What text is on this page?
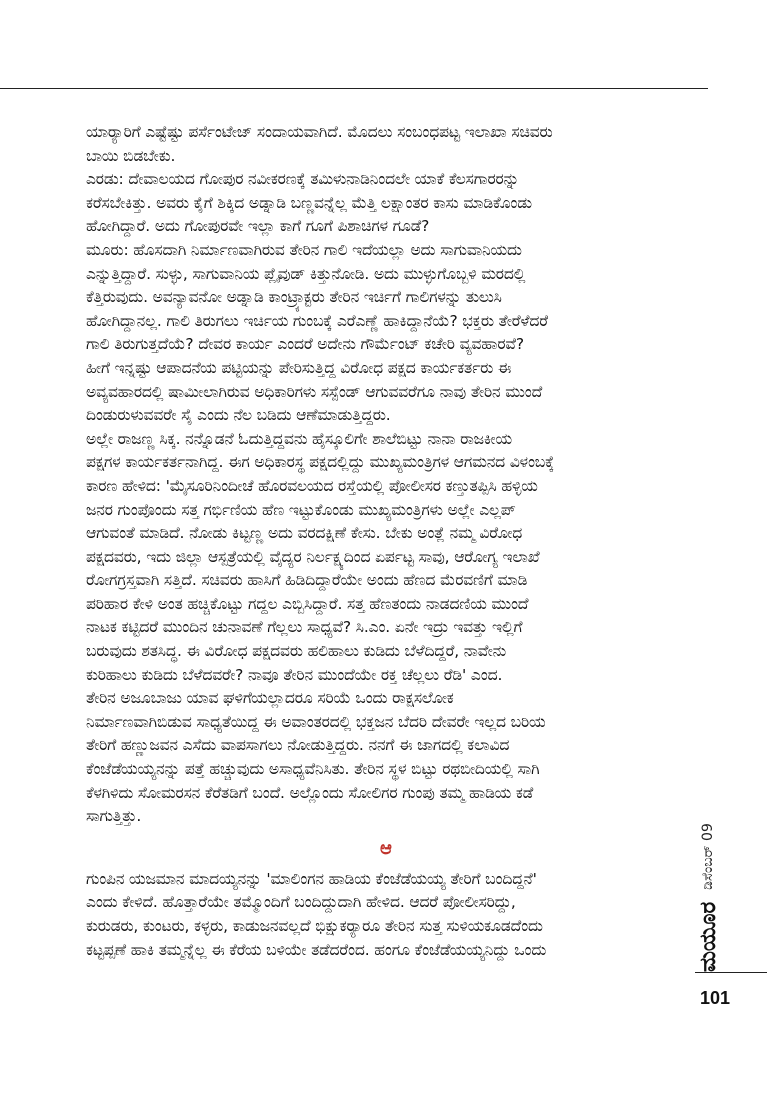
ಯಾರ್‍ಯಾರಿಗೆ ಎಷ್ಟೆಷ್ಟು ಪರ್ಸೆಂಟೇಜ್ ಸಂದಾಯವಾಗಿದೆ. ಮೊದಲು ಸಂಬಂಧಪಟ್ಟ ಇಲಾಖಾ ಸಚಿವರು
ಬಾಯಿ ಬಿಡಬೇಕು.

ಎರಡು: ದೇವಾಲಯದ ಗೋಪುರ ನವೀಕರಣಕ್ಕೆ ತಮಿಳುನಾಡಿನಿಂದಲೇ ಯಾಕೆ ಕೆಲಸಗಾರರನ್ನು
ಕರೆಸಬೇಕಿತ್ತು. ಅವರು ಕೈಗೆ ಶಿಕ್ಕಿದ ಅಡ್ನಾಡಿ ಬಣ್ಣವನ್ನೆಲ್ಲ ಮೆತ್ತಿ ಲಕ್ಷಾಂತರ ಕಾಸು ಮಾಡಿಕೊಂಡು
ಹೋಗಿದ್ದಾರೆ. ಅದು ಗೋಪುರವೇ ಇಲ್ಲಾ ಕಾಗೆ ಗೂಗೆ ಪಿಶಾಚಿಗಳ ಗೂಡೆ?

ಮೂರು: ಹೊಸದಾಗಿ ನಿರ್ಮಾಣವಾಗಿರುವ ತೇರಿನ ಗಾಲಿ ಇದೆಯಲ್ಲಾ ಅದು ಸಾಗುವಾನಿಯದು
ಎನ್ನುತ್ತಿದ್ದಾರೆ. ಸುಳ್ಳು, ಸಾಗುವಾನಿಯ ಪ್ಲೈವುಡ್ ಕಿತ್ತುನೋಡಿ. ಅದು ಮುಳ್ಳುಗೊಬ್ಬಳಿ ಮರದಲ್ಲಿ
ಕೆತ್ತಿರುವುದು. ಅವನ್ಯಾವನೋ ಅಡ್ನಾಡಿ ಕಾಂಟ್ರ್ಯಾಕ್ಟರು ತೇರಿನ ಇರ್ಚಿಗೆ ಗಾಲಿಗಳನ್ನು ತುಲುಸಿ
ಹೋಗಿದ್ದಾನಲ್ಲ. ಗಾಲಿ ತಿರುಗಲು ಇರ್ಚಿಯ ಗುಂಬಕ್ಕೆ ಎರೆಎಣ್ಣೆ ಹಾಕಿದ್ದಾನೆಯೆ? ಭಕ್ತರು ತೇರೆಳೆದರೆ
ಗಾಲಿ ತಿರುಗುತ್ತದೆಯೆ? ದೇವರ ಕಾರ್ಯ ಎಂದರೆ ಅದೇನು ಗೌರ್ಮೆಂಟ್ ಕಚೇರಿ ವ್ಯವಹಾರವೆ?

ಹೀಗೆ ಇನ್ನಷ್ಟು ಆಪಾದನೆಯ ಪಟ್ಟಿಯನ್ನು ಪೇರಿಸುತ್ತಿದ್ದ ವಿರೋಧ ಪಕ್ಷದ ಕಾರ್ಯಕರ್ತರು ಈ
ಅವ್ಯವಹಾರದಲ್ಲಿ ಷಾಮೀಲಾಗಿರುವ ಅಧಿಕಾರಿಗಳು ಸಸ್ಪೆಂಡ್ ಆಗುವವರೆಗೂ ನಾವು ತೇರಿನ ಮುಂದೆ
ದಿಂಡುರುಳುವವರೇ ಸೈ ಎಂದು ನೆಲ ಬಡಿದು ಆಣೆಮಾಡುತ್ತಿದ್ದರು.

ಅಲ್ಲೇ ರಾಜಣ್ಣ ಸಿಕ್ಕ. ನನ್ನೊಡನೆ ಓದುತ್ತಿದ್ದವನು ಹೈಸ್ಕೂಲಿಗೇ ಶಾಲೆಬಿಟ್ಟು ನಾನಾ ರಾಜಕೀಯ
ಪಕ್ಷಗಳ ಕಾರ್ಯಕರ್ತನಾಗಿದ್ದ. ಈಗ ಅಧಿಕಾರಸ್ಥ ಪಕ್ಷದಲ್ಲಿದ್ದು ಮುಖ್ಯಮಂತ್ರಿಗಳ ಆಗಮನದ ವಿಳಂಬಕ್ಕೆ
ಕಾರಣ ಹೇಳಿದ: 'ಮೈಸೂರಿನಿಂದೀಚೆ ಹೊರವಲಯದ ರಸ್ತೆಯಲ್ಲಿ ಪೋಲೀಸರ ಕಣ್ತುತಪ್ಪಿಸಿ ಹಳ್ಳಿಯ
ಜನರ ಗುಂಪೊಂದು ಸತ್ತ ಗರ್ಭಿಣಿಯ ಹೆಣ ಇಟ್ಟುಕೊಂಡು ಮುಖ್ಯಮಂತ್ರಿಗಳು ಅಲ್ಲೇ ಎಲ್ಲಪ್
ಆಗುವಂತೆ ಮಾಡಿದೆ. ನೋಡು ಕಿಟ್ಟಣ್ಣ ಅದು ವರದಕ್ಷಿಣೆ ಕೇಸು. ಬೇಕು ಅಂತ್ಲೆ ನಮ್ಮ ವಿರೋಧ
ಪಕ್ಷದವರು, ಇದು ಜಿಲ್ಲಾ ಆಸ್ಪತ್ರೆಯಲ್ಲಿ ವೈದ್ಯರ ನಿರ್ಲಕ್ಷ್ಯದಿಂದ ಏರ್ಪಟ್ಟ ಸಾವು, ಆರೋಗ್ಯ ಇಲಾಖೆ
ರೋಗಗ್ರಸ್ತವಾಗಿ ಸತ್ತಿದೆ. ಸಚಿವರು ಹಾಸಿಗೆ ಹಿಡಿದಿದ್ದಾರೆಯೇ ಅಂದು ಹೆಣದ ಮೆರವಣಿಗೆ ಮಾಡಿ
ಪರಿಹಾರ ಕೇಳಿ ಅಂತ ಹಚ್ಚಿಕೊಟ್ಟು ಗದ್ದಲ ಎಬ್ಬಿಸಿದ್ದಾರೆ. ಸತ್ತ ಹೆಣತಂದು ನಾಡದಣಿಯ ಮುಂದೆ
ನಾಟಕ ಕಟ್ಟಿದರೆ ಮುಂದಿನ ಚುನಾವಣೆ ಗೆಲ್ಲಲು ಸಾಧ್ಯವೆ? ಸಿ.ಎಂ. ಏನೇ ಇದ್ರು ಇವತ್ತು ಇಲ್ಲಿಗೆ
ಬರುವುದು ಶತಸಿದ್ಧ. ಈ ವಿರೋಧ ಪಕ್ಷದವರು ಹಲಿಹಾಲು ಕುಡಿದು ಬೆಳೆದಿದ್ದರೆ, ನಾವೇನು
ಕುರಿಹಾಲು ಕುಡಿದು ಬೆಳೆದವರೇ? ನಾವೂ ತೇರಿನ ಮುಂದೆಯೇ ರಕ್ತ ಚೆಲ್ಲಲು ರೆಡಿ' ಎಂದ.

ತೇರಿನ ಅಜೂಬಾಜು ಯಾವ ಘಳಿಗೆಯಲ್ಲಾದರೂ ಸರಿಯೆ ಒಂದು ರಾಕ್ಷಸಲೋಕ
ನಿರ್ಮಾಣವಾಗಿಬಿಡುವ ಸಾಧ್ಯತೆಯಿದ್ದ ಈ ಅವಾಂತರದಲ್ಲಿ ಭಕ್ತಜನ ಬೆದರಿ ದೇವರೇ ಇಲ್ಲದ ಬರಿಯ
ತೇರಿಗೆ ಹಣ್ಣುಜವನ ಎಸೆದು ವಾಪಸಾಗಲು ನೋಡುತ್ತಿದ್ದರು. ನನಗೆ ಈ ಜಾಗದಲ್ಲಿ ಕಲಾವಿದ
ಕೆಂಜೆಡೆಯಯ್ಯನನ್ನು ಪತ್ತೆ ಹಚ್ಚುವುದು ಅಸಾಧ್ಯವೆನಿಸಿತು. ತೇರಿನ ಸ್ಥಳ ಬಿಟ್ಟು ರಥಬೀದಿಯಲ್ಲಿ ಸಾಗಿ
ಕೆಳಗಿಳಿದು ಸೋಮರಸನ ಕೆರೆತಡಿಗೆ ಬಂದೆ. ಅಲ್ಲೊಂದು ಸೋಲಿಗರ ಗುಂಪು ತಮ್ಮ ಹಾಡಿಯ ಕಡೆ
ಸಾಗುತ್ತಿತ್ತು.

ಆ

ಗುಂಪಿನ ಯಜಮಾನ ಮಾದಯ್ಯನನ್ನು 'ಮಾಲಿಂಗನ ಹಾಡಿಯ ಕೆಂಜೆಡೆಯಯ್ಯ ತೇರಿಗೆ ಬಂದಿದ್ದನೆ'
ಎಂದು ಕೇಳಿದೆ. ಹೊತ್ತಾರೆಯೇ ತಮ್ಮೊಂದಿಗೆ ಬಂದಿದ್ದುದಾಗಿ ಹೇಳಿದ. ಆದರೆ ಪೋಲೀಸರಿದ್ದು,
ಕುರುಡರು, ಕುಂಟರು, ಕಳ್ಳರು, ಕಾಡುಜನವಲ್ಲದೆ ಭಿಕ್ಷುಕರ್‍ಯಾರೂ ತೇರಿನ ಸುತ್ತ ಸುಳಿಯಕೂಡದೆಂದು
ಕಟ್ಟಪ್ಪಣೆ ಹಾಕಿ ತಮ್ಮನ್ನೆಲ್ಲ ಈ ಕೆರೆಯ ಬಳಿಯೇ ತಡೆದರೆಂದ. ಹಂಗೂ ಕೆಂಜೆಡೆಯಯ್ಯನಿದ್ದು ಒಂದು	ಮಯೂರ
ಡಿಸೆಂಬರ್ 09
101
